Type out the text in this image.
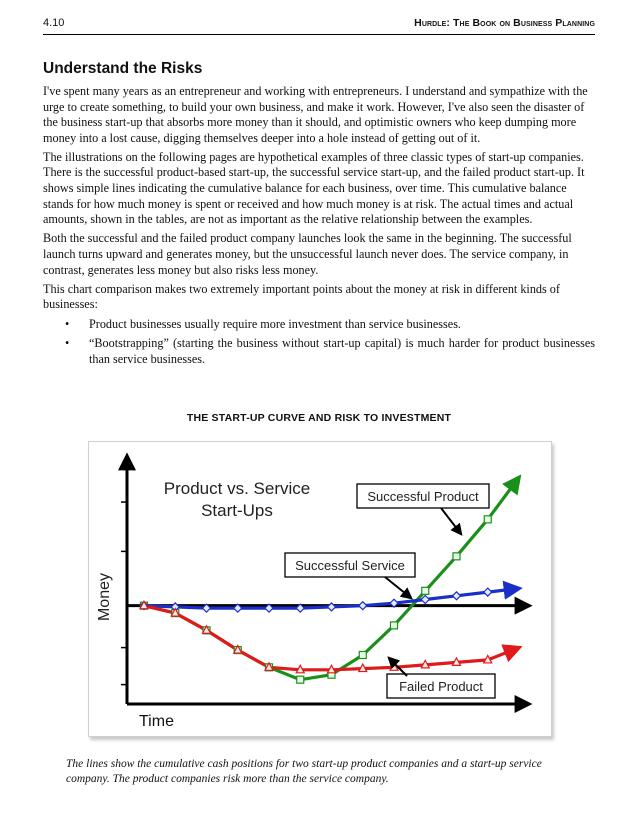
4.10	Hurdle: The Book on Business Planning
Understand the Risks

I've spent many years as an entrepreneur and working with entrepreneurs. I understand and sympathize with the urge to create something, to build your own business, and make it work. However, I've also seen the disaster of the business start-up that absorbs more money than it should, and optimistic owners who keep dumping more money into a lost cause, digging themselves deeper into a hole instead of getting out of it.

The illustrations on the following pages are hypothetical examples of three classic types of start-up companies. There is the successful product-based start-up, the successful service start-up, and the failed product start-up. It shows simple lines indicating the cumulative balance for each business, over time. This cumulative balance stands for how much money is spent or received and how much money is at risk. The actual times and actual amounts, shown in the tables, are not as important as the relative relationship between the examples.

Both the successful and the failed product company launches look the same in the beginning. The successful launch turns upward and generates money, but the unsuccessful launch never does. The service company, in contrast, generates less money but also risks less money.

This chart comparison makes two extremely important points about the money at risk in different kinds of businesses:

• Product businesses usually require more investment than service businesses.
• “Bootstrapping” (starting the business without start-up capital) is much harder for product businesses than service businesses.
THE START-UP CURVE AND RISK TO INVESTMENT
Money
Time
Product vs. Service
Start-Ups
Successful Product
Successful Service
Failed Product
The lines show the cumulative cash positions for two start-up product companies and a start-up service company. The product companies risk more than the service company.
